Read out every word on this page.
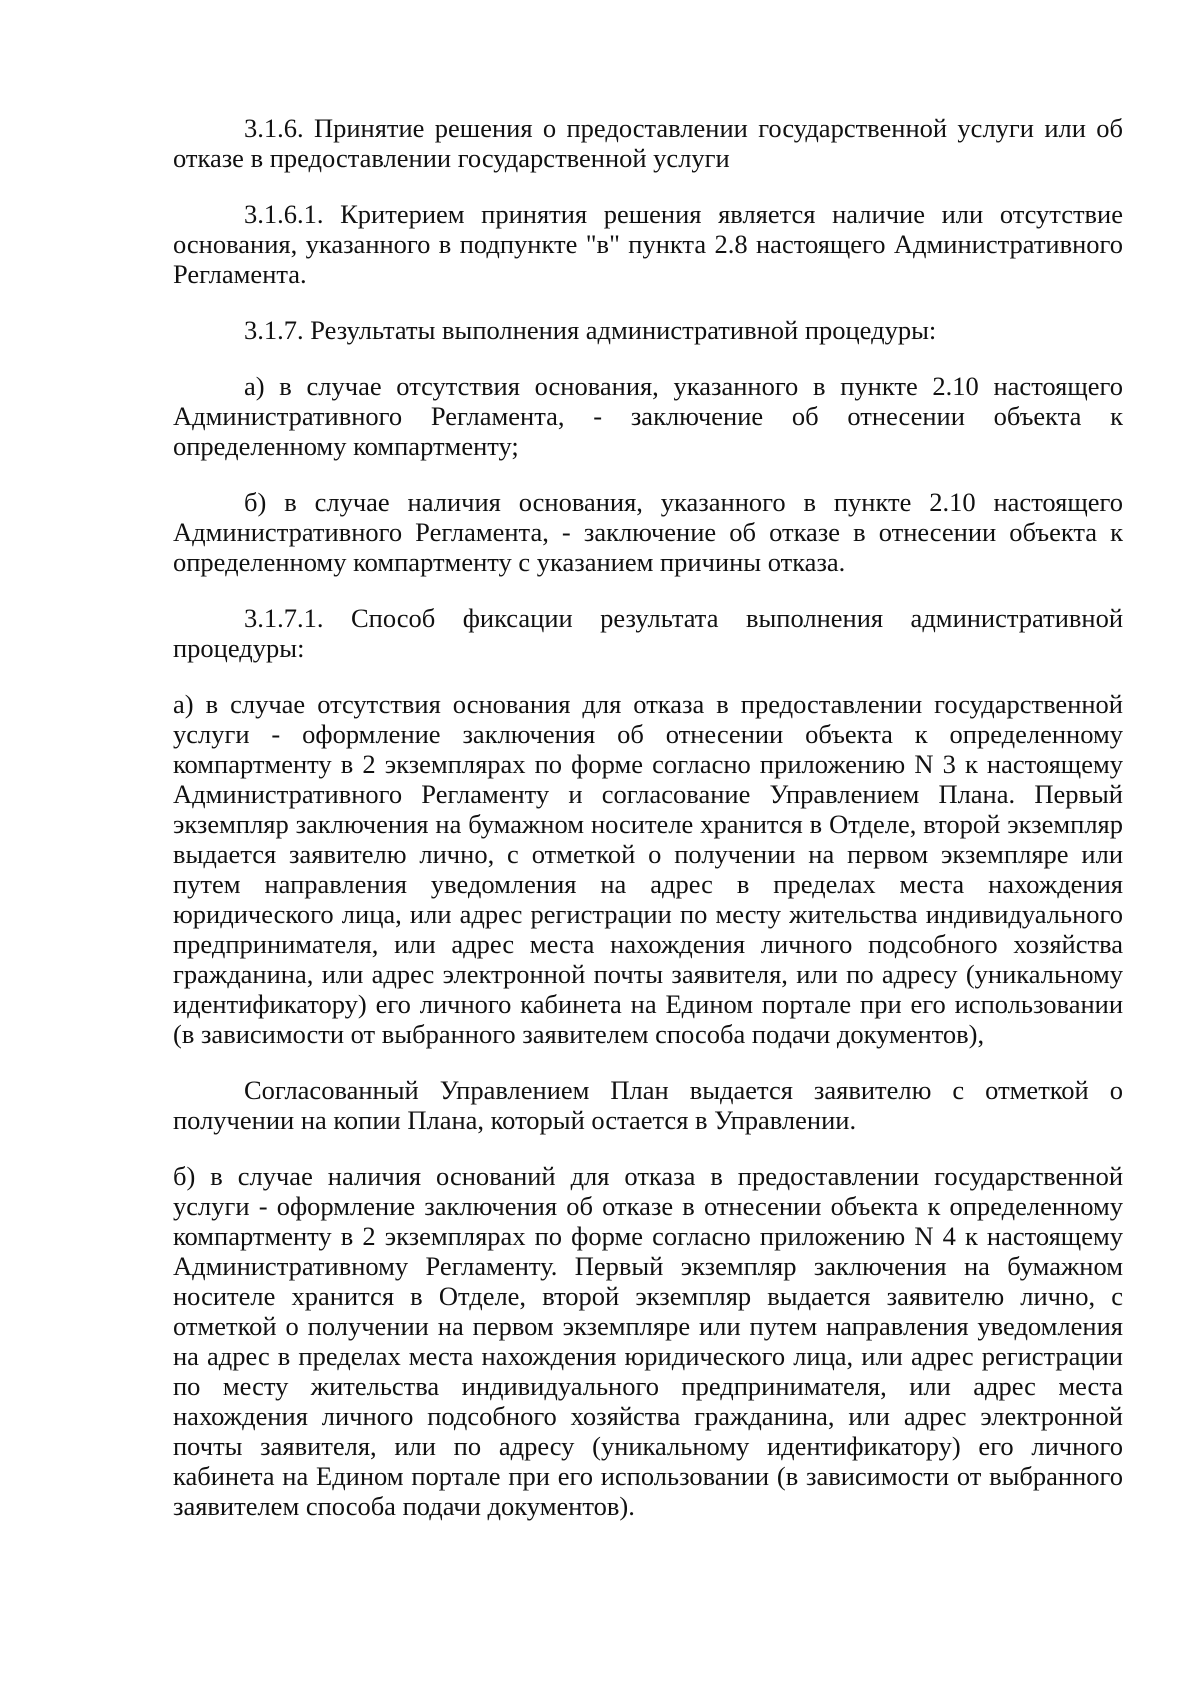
3.1.6. Принятие решения о предоставлении государственной услуги или об отказе в предоставлении государственной услуги

3.1.6.1. Критерием принятия решения является наличие или отсутствие основания, указанного в подпункте "в" пункта 2.8 настоящего Административного Регламента.

3.1.7. Результаты выполнения административной процедуры:

а) в случае отсутствия основания, указанного в пункте 2.10 настоящего Административного Регламента, - заключение об отнесении объекта к определенному компартменту;

б) в случае наличия основания, указанного в пункте 2.10 настоящего Административного Регламента, - заключение об отказе в отнесении объекта к определенному компартменту с указанием причины отказа.

3.1.7.1. Способ фиксации результата выполнения административной процедуры:

а) в случае отсутствия основания для отказа в предоставлении государственной услуги - оформление заключения об отнесении объекта к определенному компартменту в 2 экземплярах по форме согласно приложению N 3 к настоящему Административного Регламенту и согласование Управлением Плана. Первый экземпляр заключения на бумажном носителе хранится в Отделе, второй экземпляр выдается заявителю лично, с отметкой о получении на первом экземпляре или путем направления уведомления на адрес в пределах места нахождения юридического лица, или адрес регистрации по месту жительства индивидуального предпринимателя, или адрес места нахождения личного подсобного хозяйства гражданина, или адрес электронной почты заявителя, или по адресу (уникальному идентификатору) его личного кабинета на Едином портале при его использовании (в зависимости от выбранного заявителем способа подачи документов),

Согласованный Управлением План выдается заявителю с отметкой о получении на копии Плана, который остается в Управлении.

б) в случае наличия оснований для отказа в предоставлении государственной услуги - оформление заключения об отказе в отнесении объекта к определенному компартменту в 2 экземплярах по форме согласно приложению N 4 к настоящему Административному Регламенту. Первый экземпляр заключения на бумажном носителе хранится в Отделе, второй экземпляр выдается заявителю лично, с отметкой о получении на первом экземпляре или путем направления уведомления на адрес в пределах места нахождения юридического лица, или адрес регистрации по месту жительства индивидуального предпринимателя, или адрес места нахождения личного подсобного хозяйства гражданина, или адрес электронной почты заявителя, или по адресу (уникальному идентификатору) его личного кабинета на Едином портале при его использовании (в зависимости от выбранного заявителем способа подачи документов).
